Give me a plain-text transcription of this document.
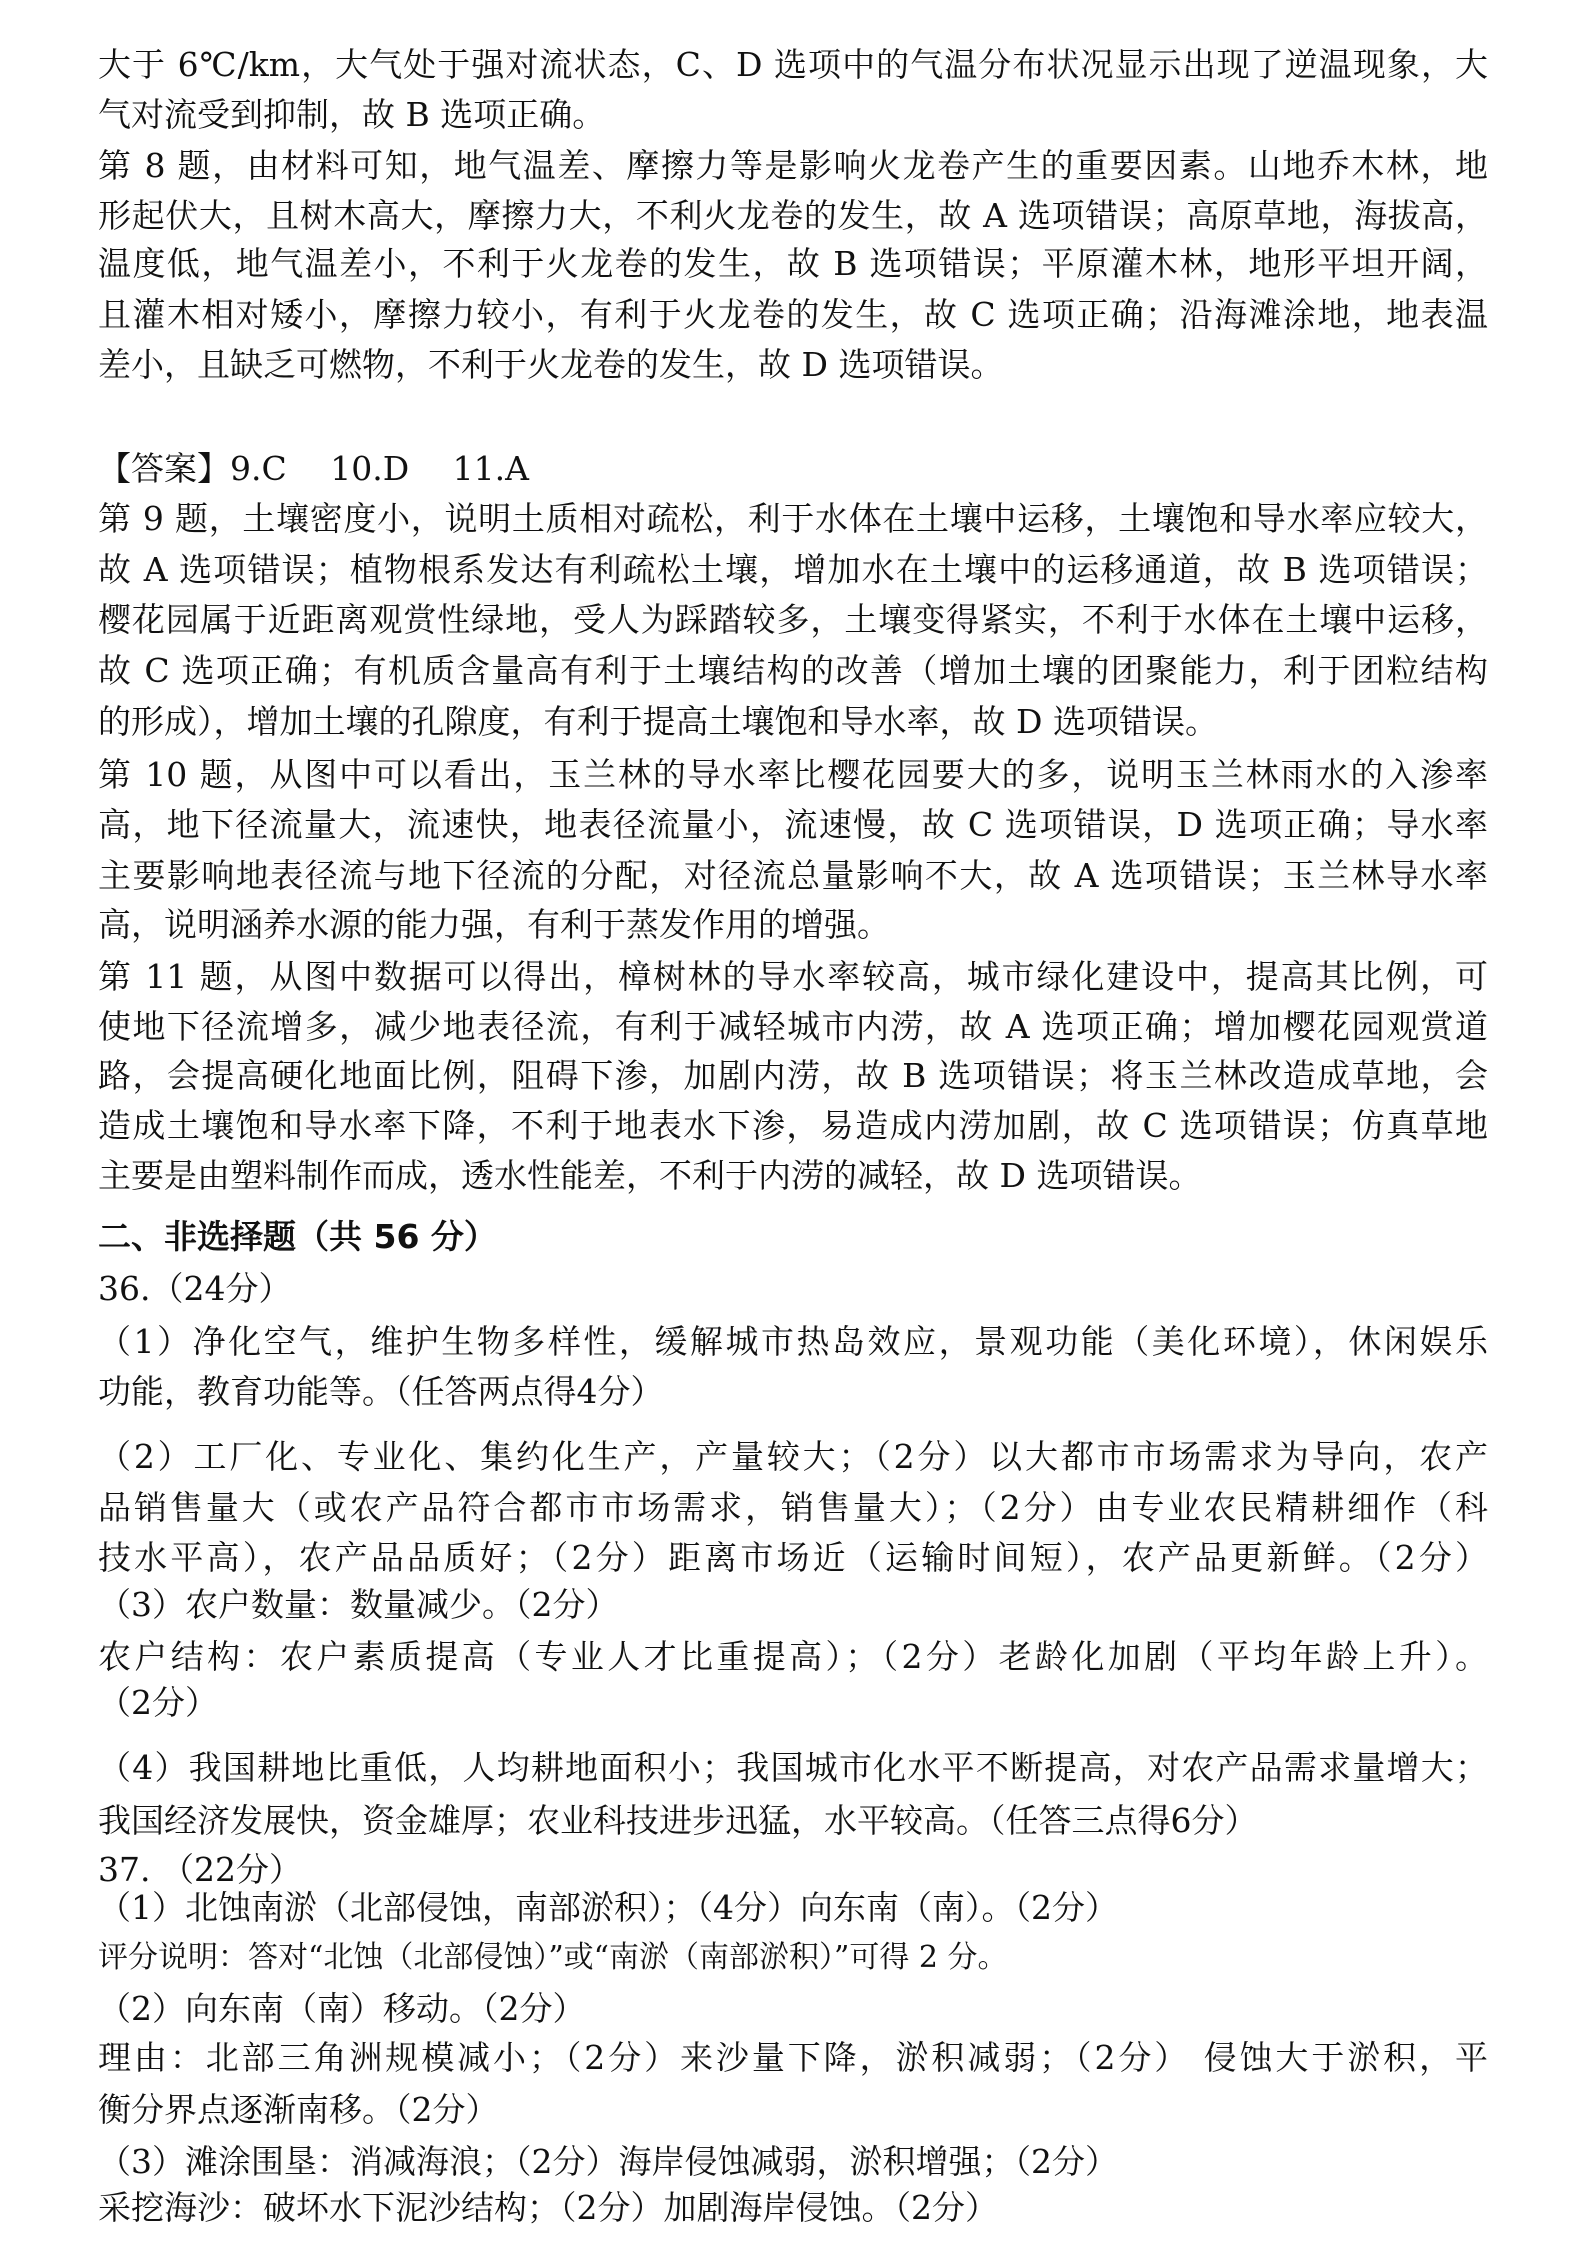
大于 6℃/km，大气处于强对流状态，C、D 选项中的气温分布状况显示出现了逆温现象，大
气对流受到抑制，故 B 选项正确。
第 8 题，由材料可知，地气温差、摩擦力等是影响火龙卷产生的重要因素。山地乔木林，地
形起伏大，且树木高大，摩擦力大，不利火龙卷的发生，故 A 选项错误；高原草地，海拔高，
温度低，地气温差小，不利于火龙卷的发生，故 B 选项错误；平原灌木林，地形平坦开阔，
且灌木相对矮小，摩擦力较小，有利于火龙卷的发生，故 C 选项正确；沿海滩涂地，地表温
差小，且缺乏可燃物，不利于火龙卷的发生，故 D 选项错误。
【答案】9.C　 10.D　 11.A
第 9 题，土壤密度小，说明土质相对疏松，利于水体在土壤中运移，土壤饱和导水率应较大，
故 A 选项错误；植物根系发达有利疏松土壤，增加水在土壤中的运移通道，故 B 选项错误；
樱花园属于近距离观赏性绿地，受人为踩踏较多，土壤变得紧实，不利于水体在土壤中运移，
故 C 选项正确；有机质含量高有利于土壤结构的改善（增加土壤的团聚能力，利于团粒结构
的形成），增加土壤的孔隙度，有利于提高土壤饱和导水率，故 D 选项错误。
第 10 题，从图中可以看出，玉兰林的导水率比樱花园要大的多，说明玉兰林雨水的入渗率
高，地下径流量大，流速快，地表径流量小，流速慢，故 C 选项错误，D 选项正确；导水率
主要影响地表径流与地下径流的分配，对径流总量影响不大，故 A 选项错误；玉兰林导水率
高，说明涵养水源的能力强，有利于蒸发作用的增强。
第 11 题，从图中数据可以得出，樟树林的导水率较高，城市绿化建设中，提高其比例，可
使地下径流增多，减少地表径流，有利于减轻城市内涝，故 A 选项正确；增加樱花园观赏道
路，会提高硬化地面比例，阻碍下渗，加剧内涝，故 B 选项错误；将玉兰林改造成草地，会
造成土壤饱和导水率下降，不利于地表水下渗，易造成内涝加剧，故 C 选项错误；仿真草地
主要是由塑料制作而成，透水性能差，不利于内涝的减轻，故 D 选项错误。
二、非选择题（共 56 分）
36.（24分）
（1）净化空气，维护生物多样性，缓解城市热岛效应，景观功能（美化环境），休闲娱乐
功能，教育功能等。（任答两点得4分）
（2）工厂化、专业化、集约化生产，产量较大；（2分）以大都市市场需求为导向，农产
品销售量大（或农产品符合都市市场需求，销售量大）；（2分）由专业农民精耕细作（科
技水平高），农产品品质好；（2分）距离市场近（运输时间短），农产品更新鲜。（2分）
（3）农户数量：数量减少。（2分）
农户结构：农户素质提高（专业人才比重提高）；（2分）老龄化加剧（平均年龄上升）。
（2分）
（4）我国耕地比重低，人均耕地面积小；我国城市化水平不断提高，对农产品需求量增大；
我国经济发展快，资金雄厚；农业科技进步迅猛，水平较高。（任答三点得6分）
37. （22分）
（1）北蚀南淤（北部侵蚀，南部淤积）；（4分）向东南（南）。（2分）
评分说明：答对“北蚀（北部侵蚀）”或“南淤（南部淤积）”可得 2 分。
（2）向东南（南）移动。（2分）
理由：北部三角洲规模减小；（2分）来沙量下降，淤积减弱；（2分） 侵蚀大于淤积，平
衡分界点逐渐南移。（2分）
（3）滩涂围垦：消减海浪；（2分）海岸侵蚀减弱，淤积增强；（2分）
采挖海沙：破坏水下泥沙结构；（2分）加剧海岸侵蚀。（2分）
